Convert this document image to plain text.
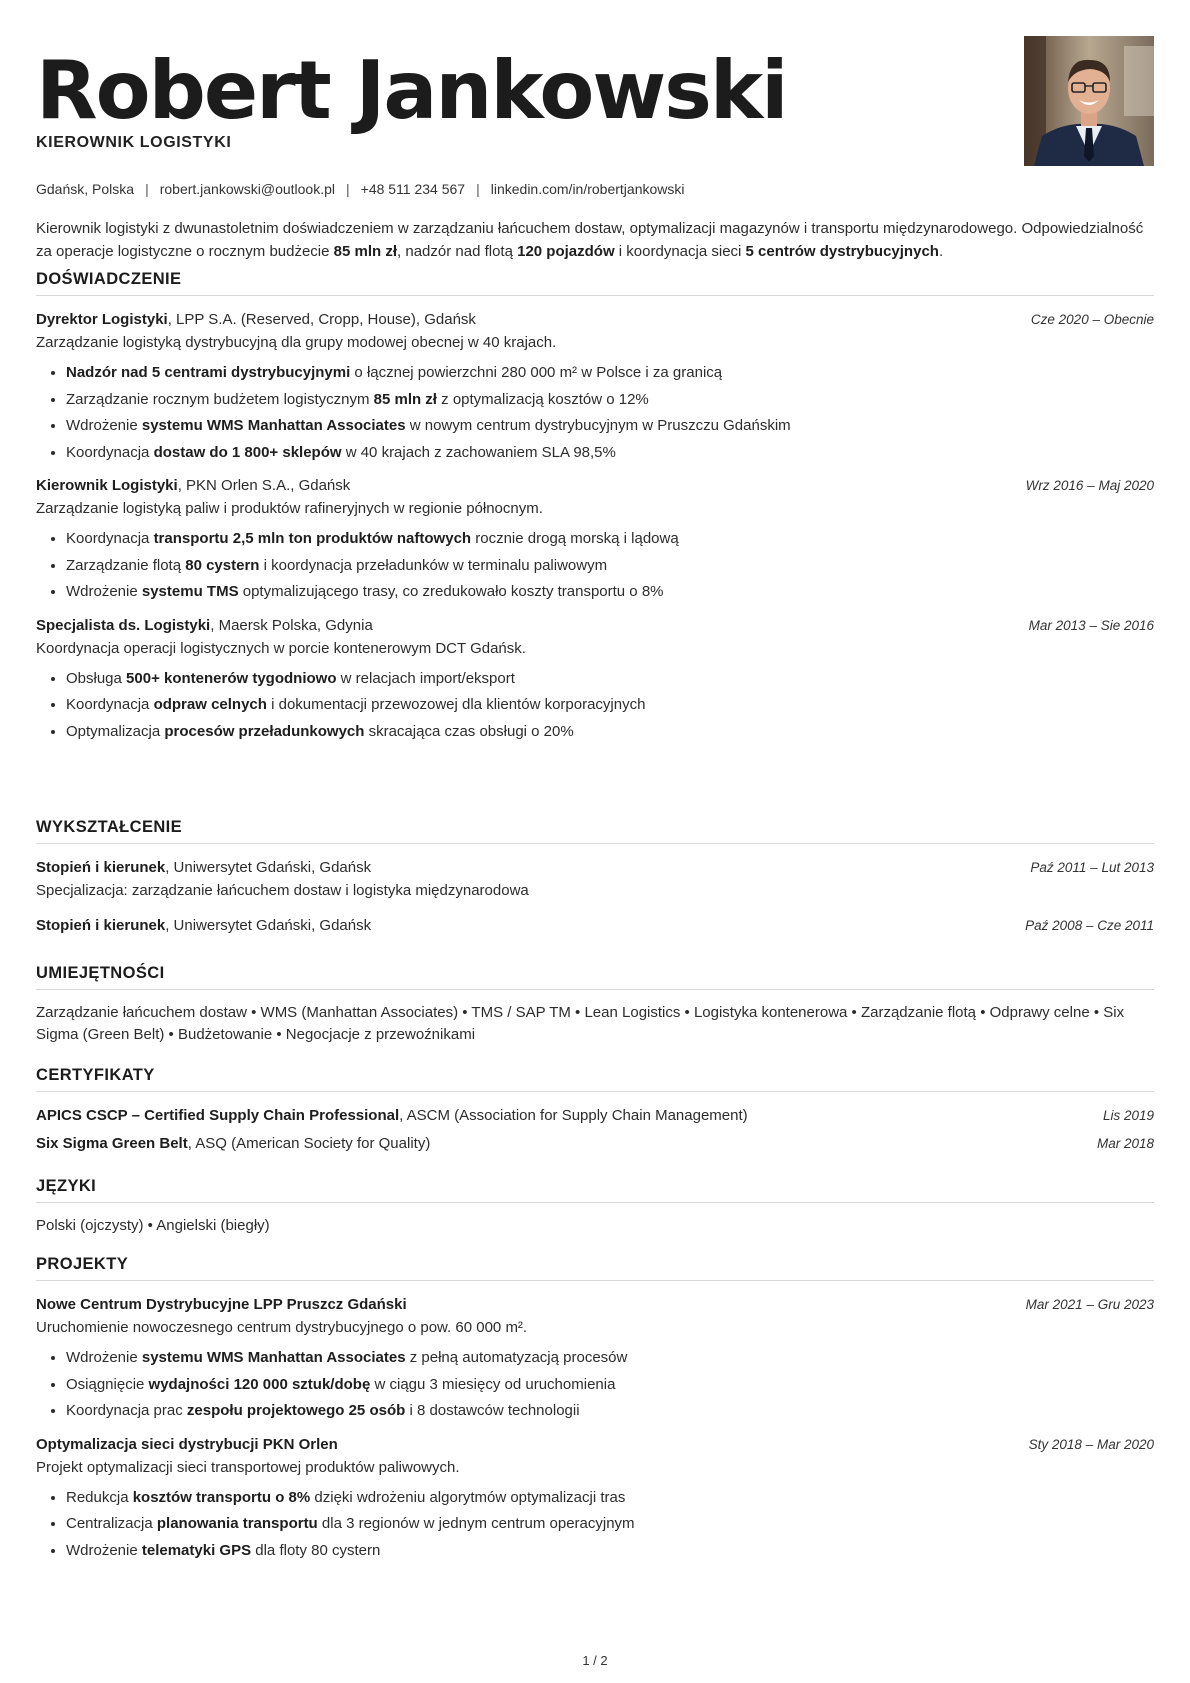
Robert Jankowski
KIEROWNIK LOGISTYKI
Gdańsk, Polska | robert.jankowski@outlook.pl | +48 511 234 567 | linkedin.com/in/robertjankowski
Kierownik logistyki z dwunastoletnim doświadczeniem w zarządzaniu łańcuchem dostaw, optymalizacji magazynów i transportu międzynarodowego. Odpowiedzialność za operacje logistyczne o rocznym budżecie 85 mln zł, nadzór nad flotą 120 pojazdów i koordynacja sieci 5 centrów dystrybucyjnych.
DOŚWIADCZENIE
Dyrektor Logistyki, LPP S.A. (Reserved, Cropp, House), Gdańsk	Cze 2020 – Obecnie
Zarządzanie logistyką dystrybucyjną dla grupy modowej obecnej w 40 krajach.
• Nadzór nad 5 centrami dystrybucyjnymi o łącznej powierzchni 280 000 m² w Polsce i za granicą
• Zarządzanie rocznym budżetem logistycznym 85 mln zł z optymalizacją kosztów o 12%
• Wdrożenie systemu WMS Manhattan Associates w nowym centrum dystrybucyjnym w Pruszczu Gdańskim
• Koordynacja dostaw do 1 800+ sklepów w 40 krajach z zachowaniem SLA 98,5%
Kierownik Logistyki, PKN Orlen S.A., Gdańsk	Wrz 2016 – Maj 2020
Zarządzanie logistyką paliw i produktów rafineryjnych w regionie północnym.
• Koordynacja transportu 2,5 mln ton produktów naftowych rocznie drogą morską i lądową
• Zarządzanie flotą 80 cystern i koordynacja przeładunków w terminalu paliwowym
• Wdrożenie systemu TMS optymalizującego trasy, co zredukowało koszty transportu o 8%
Specjalista ds. Logistyki, Maersk Polska, Gdynia	Mar 2013 – Sie 2016
Koordynacja operacji logistycznych w porcie kontenerowym DCT Gdańsk.
• Obsługa 500+ kontenerów tygodniowo w relacjach import/eksport
• Koordynacja odpraw celnych i dokumentacji przewozowej dla klientów korporacyjnych
• Optymalizacja procesów przeładunkowych skracająca czas obsługi o 20%
WYKSZTAŁCENIE
Stopień i kierunek, Uniwersytet Gdański, Gdańsk	Paź 2011 – Lut 2013
Specjalizacja: zarządzanie łańcuchem dostaw i logistyka międzynarodowa
Stopień i kierunek, Uniwersytet Gdański, Gdańsk	Paź 2008 – Cze 2011
UMIEJĘTNOŚCI
Zarządzanie łańcuchem dostaw • WMS (Manhattan Associates) • TMS / SAP TM • Lean Logistics • Logistyka kontenerowa • Zarządzanie flotą • Odprawy celne • Six Sigma (Green Belt) • Budżetowanie • Negocjacje z przewoźnikami
CERTYFIKATY
APICS CSCP – Certified Supply Chain Professional, ASCM (Association for Supply Chain Management)	Lis 2019
Six Sigma Green Belt, ASQ (American Society for Quality)	Mar 2018
JĘZYKI
Polski (ojczysty) • Angielski (biegły)
PROJEKTY
Nowe Centrum Dystrybucyjne LPP Pruszcz Gdański	Mar 2021 – Gru 2023
Uruchomienie nowoczesnego centrum dystrybucyjnego o pow. 60 000 m².
• Wdrożenie systemu WMS Manhattan Associates z pełną automatyzacją procesów
• Osiągnięcie wydajności 120 000 sztuk/dobę w ciągu 3 miesięcy od uruchomienia
• Koordynacja prac zespołu projektowego 25 osób i 8 dostawców technologii
Optymalizacja sieci dystrybucji PKN Orlen	Sty 2018 – Mar 2020
Projekt optymalizacji sieci transportowej produktów paliwowych.
• Redukcja kosztów transportu o 8% dzięki wdrożeniu algorytmów optymalizacji tras
• Centralizacja planowania transportu dla 3 regionów w jednym centrum operacyjnym
• Wdrożenie telematyki GPS dla floty 80 cystern
1 / 2
